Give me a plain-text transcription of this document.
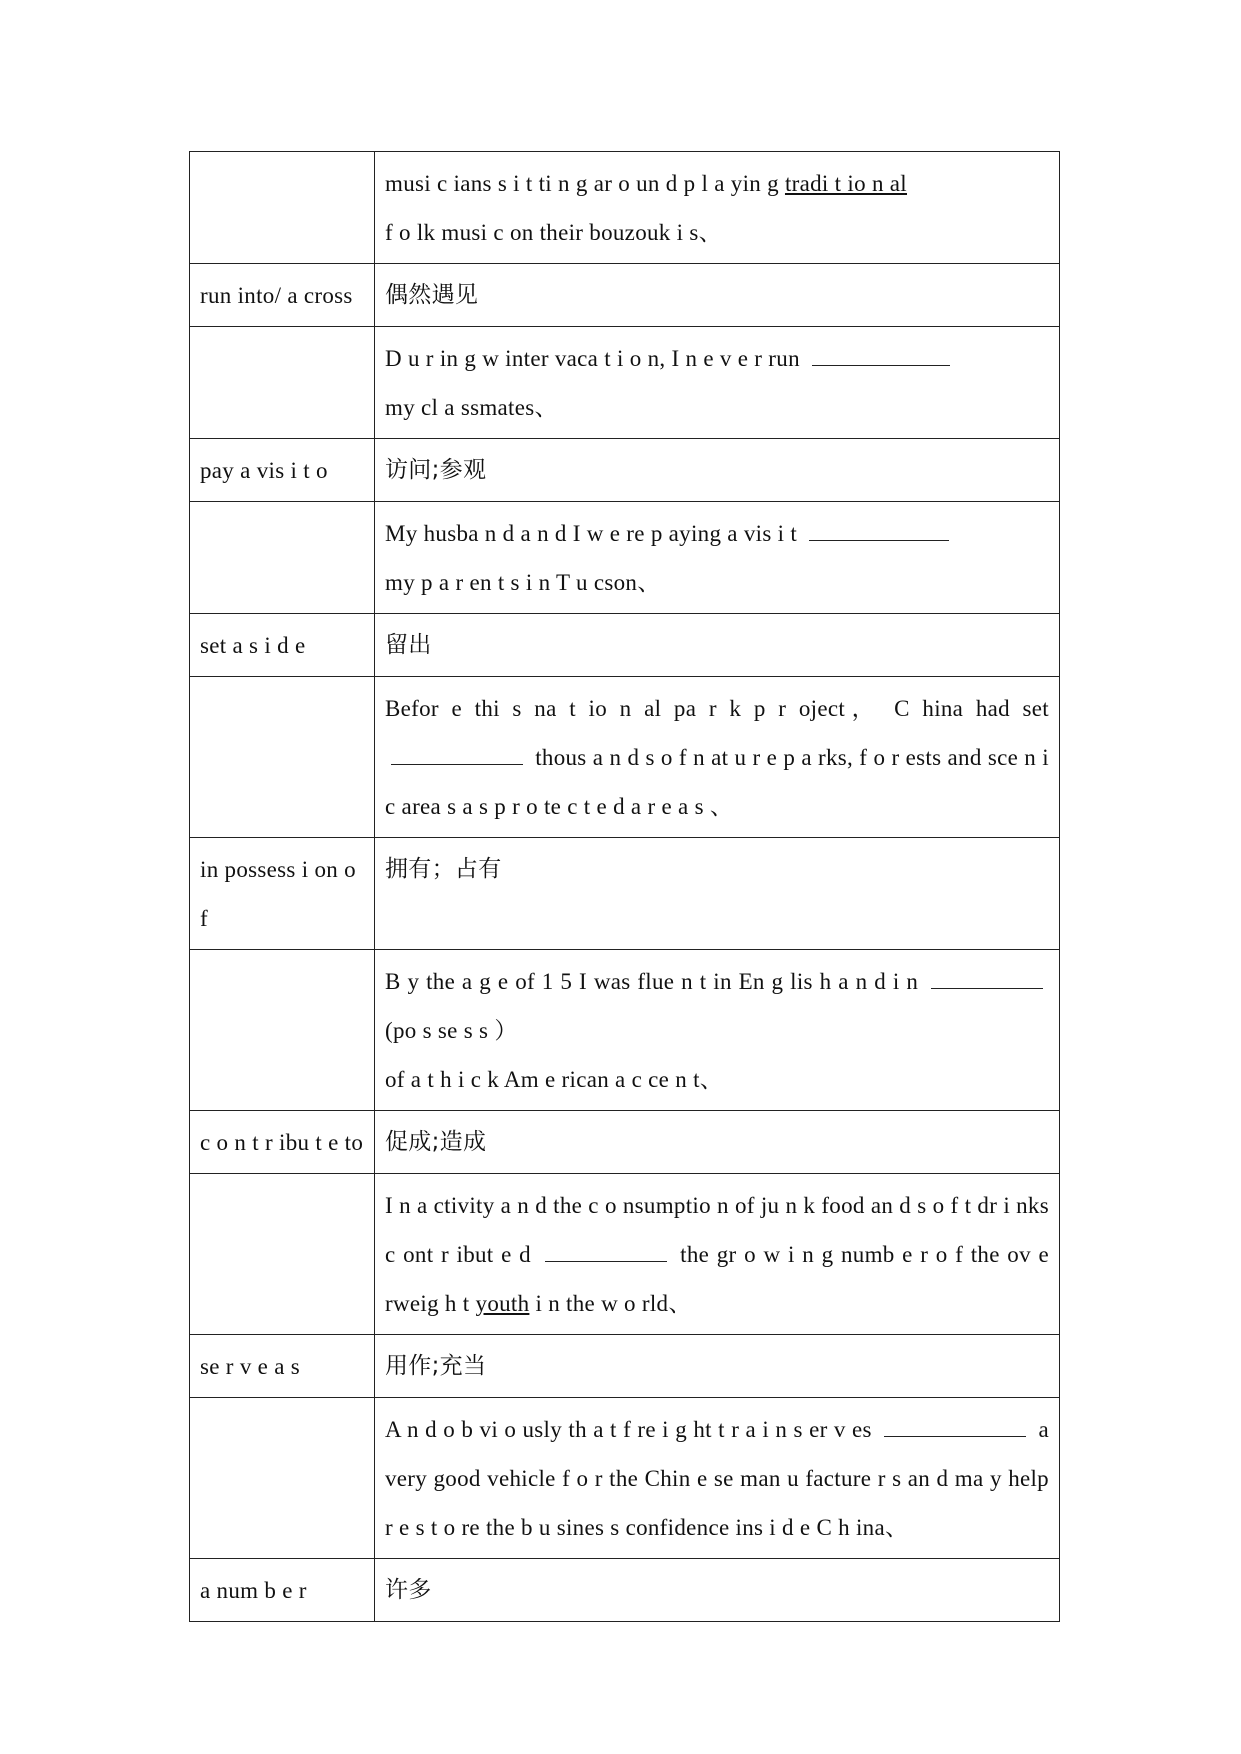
	musi c ians s i t ti n g ar o un d p l a yin g tradi t io n al
f o lk musi c on their bouzouk i s、
run into/ a cross	偶然遇见
	D u r in g w inter vaca t i o n, I n e v e r run
my cl a ssmates、
pay a vis i t o	访问;参观
	My husba n d a n d I w e re p aying a vis i t
my p a r en t s i n T u cson、
set a s i d e	留出
	Befor e thi s na t io n al pa r k p r oject， C hina had set  thous a n d s o f n at u r e p a rks, f o r ests and sce n i c area s a s p r o te c t e d a r e a s 、
in possess i on o f	拥有；占有
	B y the a g e of 1 5 I was flue n t in En g lis h a n d i n (po s se s s ）
of a t h i c k Am e rican a c ce n t、
c o n t r ibu t e to	促成;造成
	I n a ctivity a n d the c o nsumptio n of ju n k food an d s o f t dr i nks c ont r ibut e d the gr o w i n g numb e r o f the ov e rweig h t youth i n the w o rld、
se r v e a s	用作;充当
	A n d o b vi o usly th a t f re i g ht t r a i n s er v es a very good vehicle f o r the Chin e se man u facture r s an d ma y help r e s t o re the b u sines s confidence ins i d e C h ina、
a num b e r	许多
